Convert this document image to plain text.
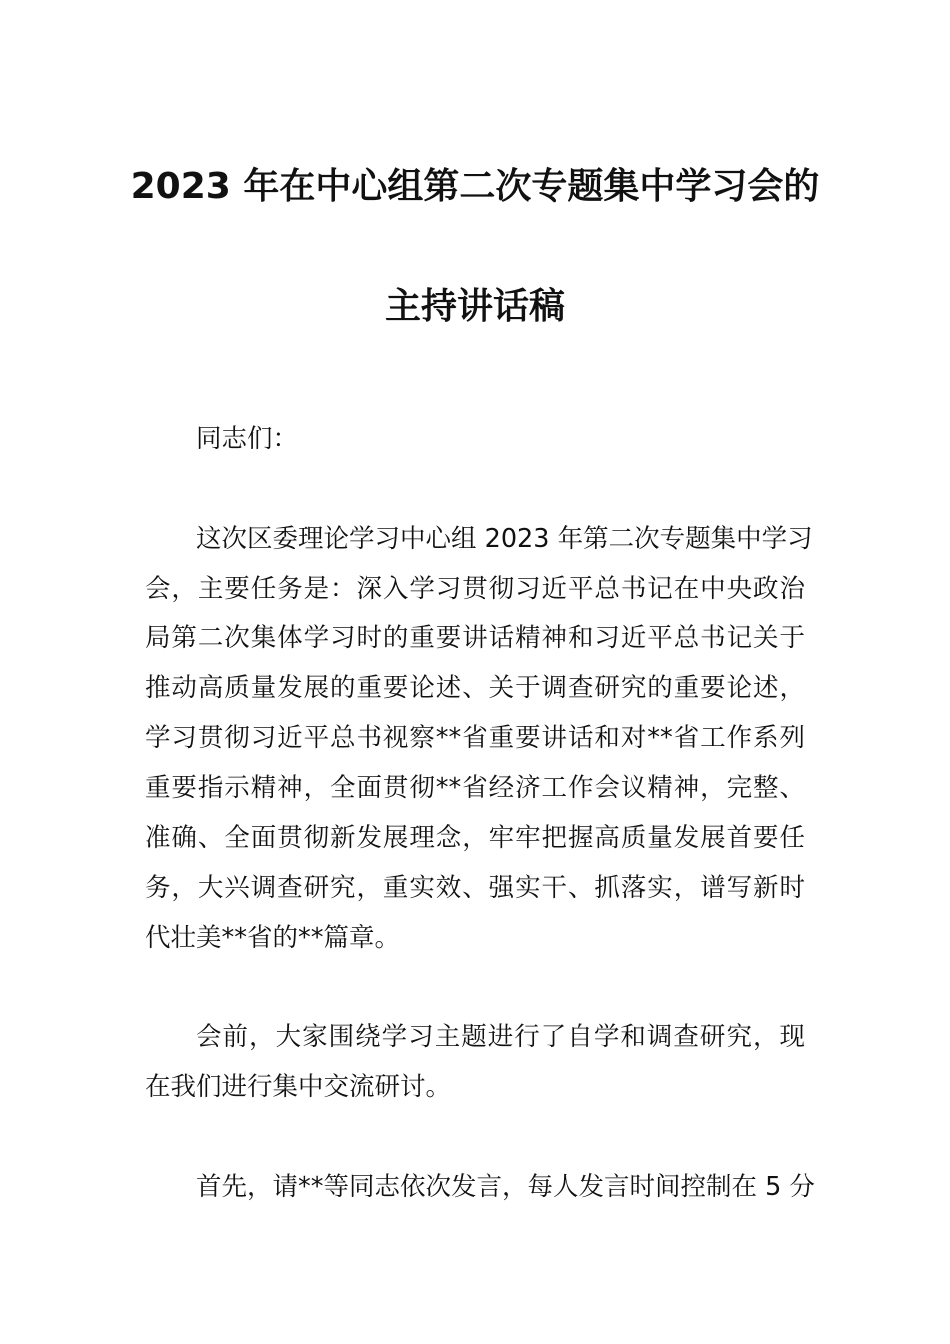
2023 年在中心组第二次专题集中学习会的
主持讲话稿
同志们：
这次区委理论学习中心组 2023 年第二次专题集中学习
会，主要任务是：深入学习贯彻习近平总书记在中央政治
局第二次集体学习时的重要讲话精神和习近平总书记关于
推动高质量发展的重要论述、关于调查研究的重要论述，
学习贯彻习近平总书视察**省重要讲话和对**省工作系列
重要指示精神，全面贯彻**省经济工作会议精神，完整、
准确、全面贯彻新发展理念，牢牢把握高质量发展首要任
务，大兴调查研究，重实效、强实干、抓落实，谱写新时
代壮美**省的**篇章。
会前，大家围绕学习主题进行了自学和调查研究，现
在我们进行集中交流研讨。
首先，请**等同志依次发言，每人发言时间控制在 5 分
